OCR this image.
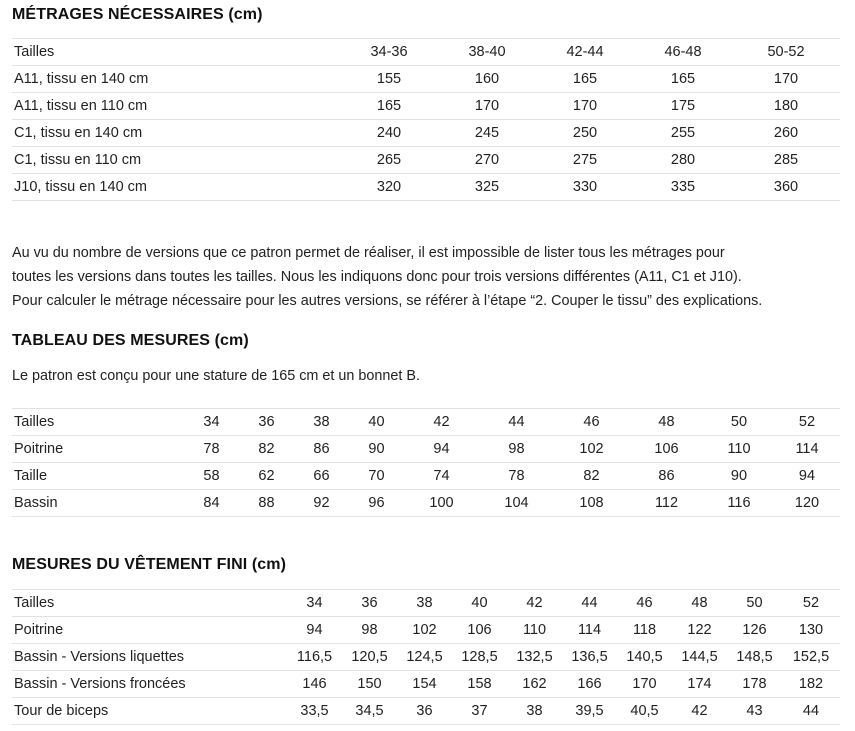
MÉTRAGES NÉCESSAIRES (cm)
Tailles	34-36	38-40	42-44	46-48	50-52
A11, tissu en 140 cm	155	160	165	165	170
A11, tissu en 110 cm	165	170	170	175	180
C1, tissu en 140 cm	240	245	250	255	260
C1, tissu en 110 cm	265	270	275	280	285
J10, tissu en 140 cm	320	325	330	335	360

Au vu du nombre de versions que ce patron permet de réaliser, il est impossible de lister tous les métrages pour
toutes les versions dans toutes les tailles. Nous les indiquons donc pour trois versions différentes (A11, C1 et J10).
Pour calculer le métrage nécessaire pour les autres versions, se référer à l’étape “2. Couper le tissu” des explications.

TABLEAU DES MESURES (cm)

Le patron est conçu pour une stature de 165 cm et un bonnet B.

Tailles	34	36	38	40	42	44	46	48	50	52
Poitrine	78	82	86	90	94	98	102	106	110	114
Taille	58	62	66	70	74	78	82	86	90	94
Bassin	84	88	92	96	100	104	108	112	116	120
MESURES DU VÊTEMENT FINI (cm)
Tailles	34	36	38	40	42	44	46	48	50	52
Poitrine	94	98	102	106	110	114	118	122	126	130
Bassin - Versions liquettes	116,5	120,5	124,5	128,5	132,5	136,5	140,5	144,5	148,5	152,5
Bassin - Versions froncées	146	150	154	158	162	166	170	174	178	182
Tour de biceps	33,5	34,5	36	37	38	39,5	40,5	42	43	44
